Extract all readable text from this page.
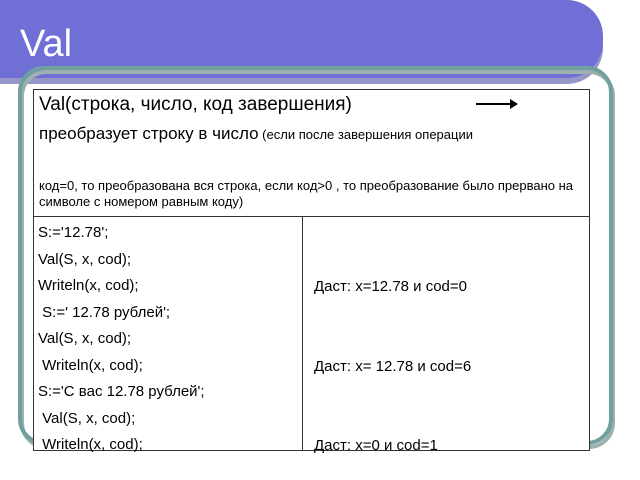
Val
Val(строка, число, код завершения)
преобразует строку в число (если после завершения операции
код=0, то преобразована вся строка, если код>0 , то преобразование было прервано на символе с номером равным коду)
S:='12.78';
Val(S, x, cod);
Writeln(x, cod);
S:=' 12.78 рублей';
Val(S, x, cod);
Writeln(x, cod);
S:='С вас 12.78 рублей';
Val(S, x, cod);
Writeln(x, cod);
Даст: x=12.78 и cod=0
Даст: x= 12.78 и cod=6
Даст: x=0 и cod=1
